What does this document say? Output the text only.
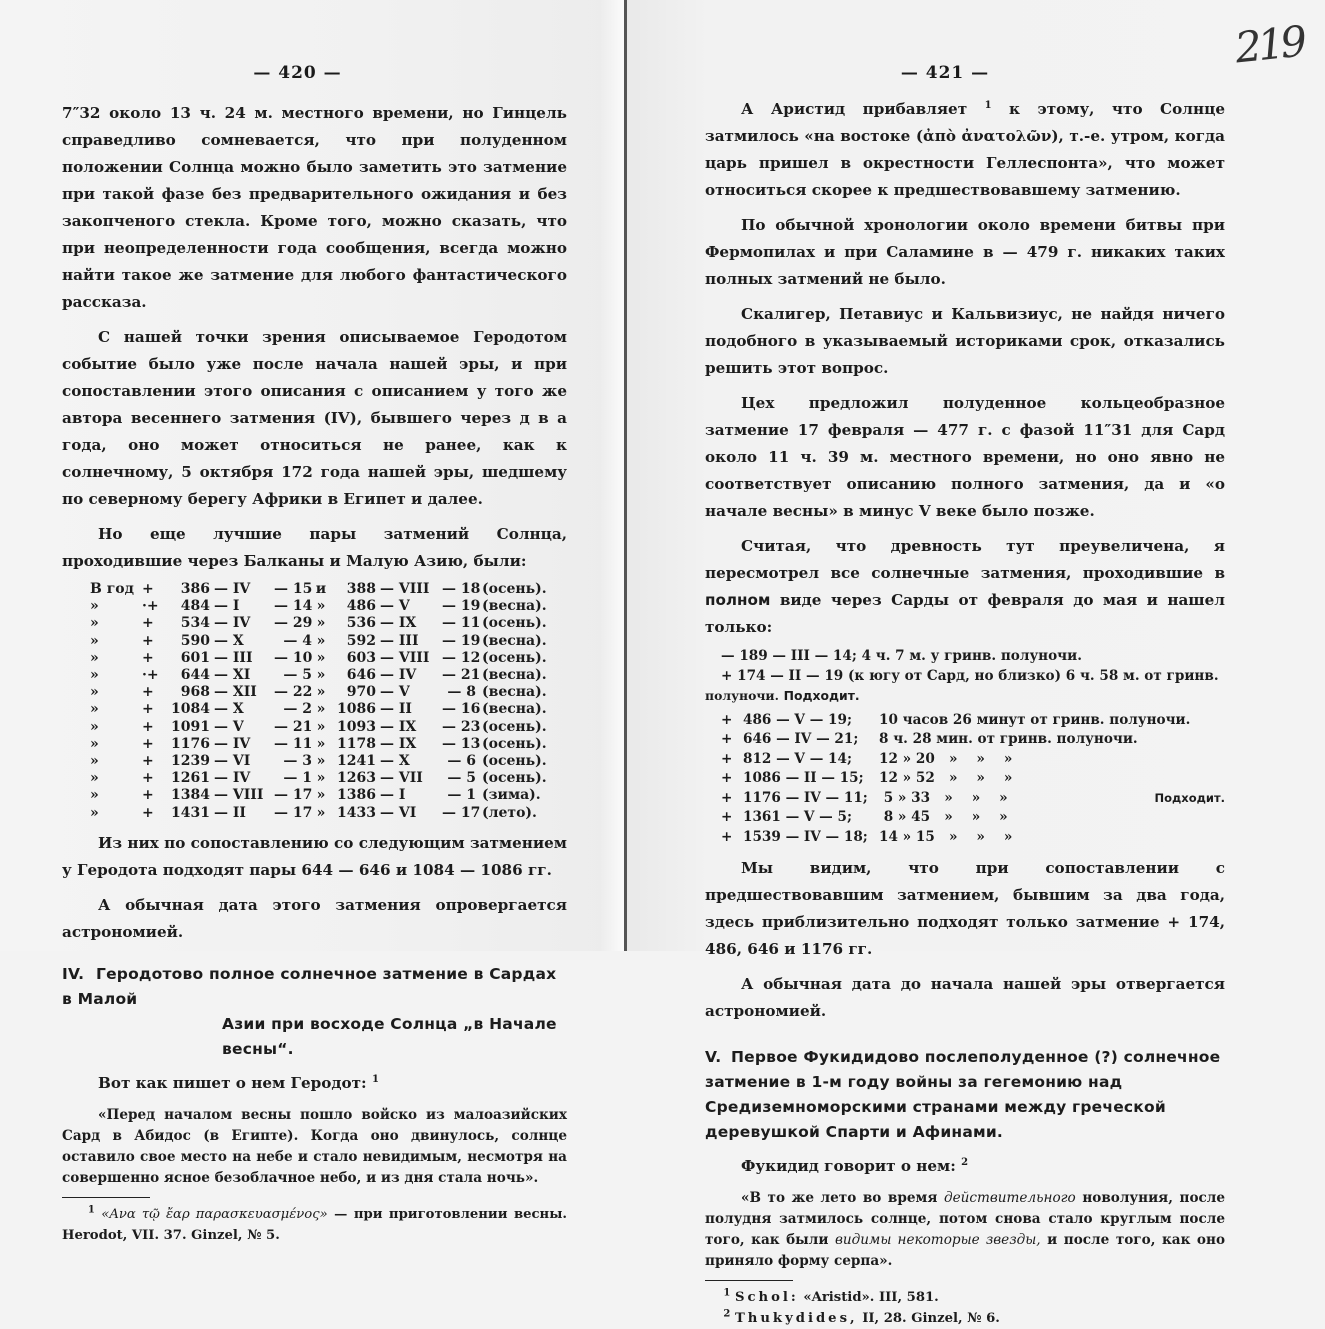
— 420 —

7″32 около 13 ч. 24 м. местного времени, но Гинцель справедливо сомневается, что при полуденном положении Солнца можно было заметить это затмение при такой фазе без предварительного ожидания и без закопченого стекла. Кроме того, можно сказать, что при неопределенности года сообщения, всегда можно найти такое же затмение для любого фантастического рассказа.

С нашей точки зрения описываемое Геродотом событие было уже после начала нашей эры, и при сопоставлении этого описания с описанием у того же автора весеннего затмения (IV), бывшего через д в а года, оно может относиться не ранее, как к солнечному, 5 октября 172 года нашей эры, шедшему по северному берегу Африки в Египет и далее.

Но еще лучшие пары затмений Солнца, проходившие через Балканы и Малую Азию, были:

В год +	386 — IV	— 15 и	388 — VIII — 18 (осень).
»	·+	484 — I	— 14 »	486 — V	— 19 (весна).
»	+	534 — IV	— 29 »	536 — IX	— 11 (осень).
»	+	590 — X	— 4 »	592 — III	— 19 (весна).
»	+	601 — III	— 10 »	603 — VIII — 12 (осень).
»	·+	644 — XI	— 5 »	646 — IV	— 21 (весна).
»	+	968 — XII	— 22 »	970 — V	— 8 (весна).
»	+	1084 — X	— 2 » 1086 — II	— 16 (весна).
»	+	1091 — V	— 21 » 1093 — IX	— 23 (осень).
»	+	1176 — IV	— 11 » 1178 — IX	— 13 (осень).
»	+	1239 — VI	— 3 » 1241 — X	— 6 (осень).
»	+	1261 — IV	— 1 » 1263 — VII	— 5 (осень).
»	+	1384 — VIII — 17 » 1386 — I	— 1 (зима).
»	+	1431 — II	— 17 » 1433 — VI	— 17 (лето).

Из них по сопоставлению со следующим затмением у Геродота подходят пары 644 — 646 и 1084 — 1086 гг.

А обычная дата этого затмения опровергается астрономией.

IV. Геродотово полное солнечное затмение в Сардах в Малой
Азии при восходе Солнца „в Начале весны“.

Вот как пишет о нем Геродот: $^1$

«Перед началом весны пошло войско из малоазийских Сард в Абидос (в Египте). Когда оно двинулось, солнце оставило свое место на небе и стало невидимым, несмотря на совершенно ясное безоблачное небо, и из дня стала ночь».

$^1$ «Ανα τῷ ἔαρ παρασκευασμένος» — при приготовлении весны. Herodot, VII. 37. Ginzel, № 5.

— 421 —
219

А Аристид прибавляет $^1$ к этому, что Солнце затмилось «на востоке (ἀπὸ ἀνατολῶν), т.-е. утром, когда царь пришел в окрестности Геллеспонта», что может относиться скорее к предшествовавшему затмению.

По обычной хронологии около времени битвы при Фермопилах и при Саламине в — 479 г. никаких таких полных затмений не было.

Скалигер, Петавиус и Кальвизиус, не найдя ничего подобного в указываемый историками срок, отказались решить этот вопрос.

Цех предложил полуденное кольцеобразное затмение 17 февраля — 477 г. с фазой 11″31 для Сард около 11 ч. 39 м. местного времени, но оно явно не соответствует описанию полного затмения, да и «о начале весны» в минус V веке было позже.

Считая, что древность тут преувеличена, я пересмотрел все солнечные затмения, проходившие в полном виде через Сарды от февраля до мая и нашел только:

— 189 — III — 14; 4 ч. 7 м. у гринв. полуночи.
+ 174 — II — 19 (к югу от Сард, но близко) 6 ч. 58 м. от гринв.
полуночи. Подходит.
+ 486 — V — 19;	10 часов 26 минут от гринв. полуночи.
+ 646 — IV — 21;	8 ч. 28 мин. от гринв. полуночи.
+ 812 — V — 14;	12 » 20   »    »    »
+ 1086 — II — 15;	12 » 52   »    »    »
+ 1176 — IV — 11; 5 » 33   »    »    »	Подходит.
+ 1361 — V — 5;	8 » 45   »    »    »
+ 1539 — IV — 18; 14 » 15   »    »    »

Мы видим, что при сопоставлении с предшествовавшим затмением, бывшим за два года, здесь приблизительно подходят только затмение + 174, 486, 646 и 1176 гг.

А обычная дата до начала нашей эры отвергается астрономией.

V. Первое Фукидидово послеполуденное (?) солнечное затмение в 1-м году войны за гегемонию над Средиземноморскими странами между греческой деревушкой Спарти и Афинами.

Фукидид говорит о нем: $^2$

«В то же лето во время действительного новолуния, после полудня затмилось солнце, потом снова стало круглым после того, как были видимы некоторые звезды, и после того, как оно приняло форму серпа».

$^1$ Schol: «Aristid». III, 581.

$^2$ Thukydides, II, 28. Ginzel, № 6.
